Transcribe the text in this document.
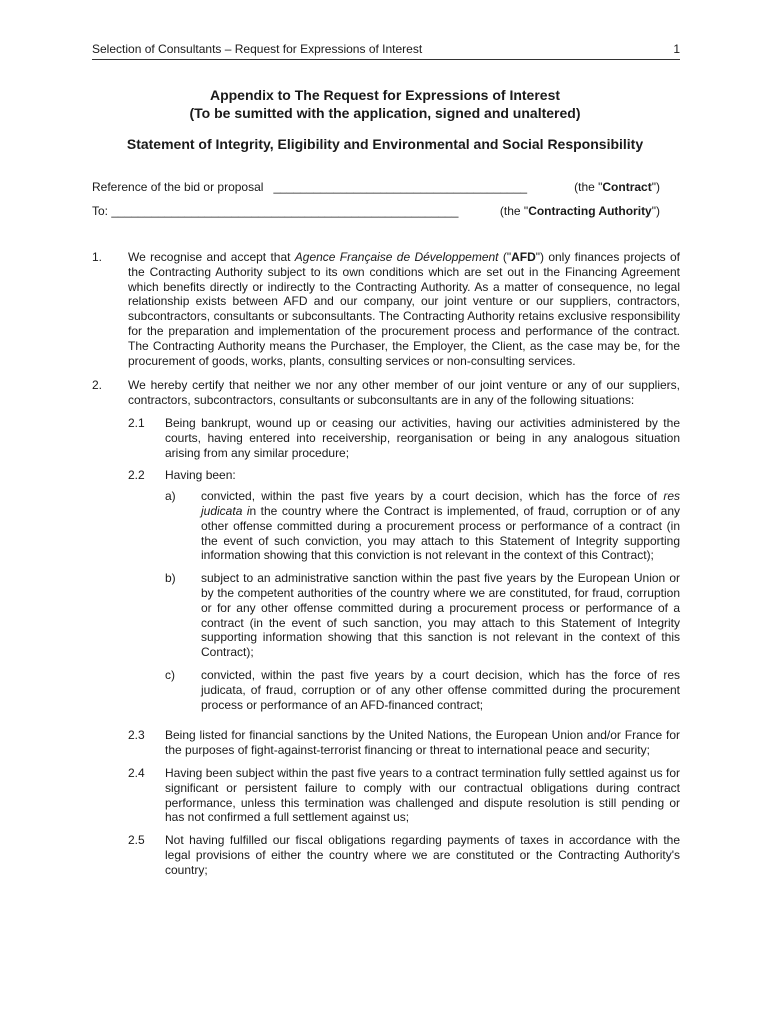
Selection of Consultants – Request for Expressions of Interest	1
Appendix to The Request for Expressions of Interest
(To be sumitted with the application, signed and unaltered)
Statement of Integrity, Eligibility and Environmental and Social Responsibility
Reference of the bid or proposal ______________________________________	(the "Contract")
To: ____________________________________________________	(the "Contracting Authority")
1.	We recognise and accept that Agence Française de Développement ("AFD") only finances projects of the Contracting Authority subject to its own conditions which are set out in the Financing Agreement which benefits directly or indirectly to the Contracting Authority. As a matter of consequence, no legal relationship exists between AFD and our company, our joint venture or our suppliers, contractors, subcontractors, consultants or subconsultants. The Contracting Authority retains exclusive responsibility for the preparation and implementation of the procurement process and performance of the contract. The Contracting Authority means the Purchaser, the Employer, the Client, as the case may be, for the procurement of goods, works, plants, consulting services or non-consulting services.
2.	We hereby certify that neither we nor any other member of our joint venture or any of our suppliers, contractors, subcontractors, consultants or subconsultants are in any of the following situations:
2.1	Being bankrupt, wound up or ceasing our activities, having our activities administered by the courts, having entered into receivership, reorganisation or being in any analogous situation arising from any similar procedure;
2.2	Having been:
a)	convicted, within the past five years by a court decision, which has the force of res judicata in the country where the Contract is implemented, of fraud, corruption or of any other offense committed during a procurement process or performance of a contract (in the event of such conviction, you may attach to this Statement of Integrity supporting information showing that this conviction is not relevant in the context of this Contract);
b)	subject to an administrative sanction within the past five years by the European Union or by the competent authorities of the country where we are constituted, for fraud, corruption or for any other offense committed during a procurement process or performance of a contract (in the event of such sanction, you may attach to this Statement of Integrity supporting information showing that this sanction is not relevant in the context of this Contract);
c)	convicted, within the past five years by a court decision, which has the force of res judicata, of fraud, corruption or of any other offense committed during the procurement process or performance of an AFD-financed contract;
2.3	Being listed for financial sanctions by the United Nations, the European Union and/or France for the purposes of fight-against-terrorist financing or threat to international peace and security;
2.4	Having been subject within the past five years to a contract termination fully settled against us for significant or persistent failure to comply with our contractual obligations during contract performance, unless this termination was challenged and dispute resolution is still pending or has not confirmed a full settlement against us;
2.5	Not having fulfilled our fiscal obligations regarding payments of taxes in accordance with the legal provisions of either the country where we are constituted or the Contracting Authority's country;
